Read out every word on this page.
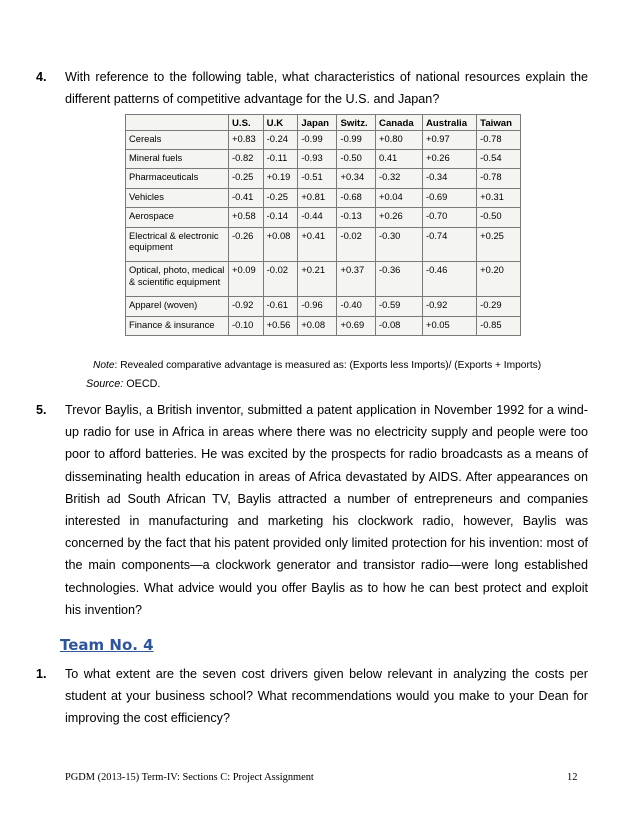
4. With reference to the following table, what characteristics of national resources explain the different patterns of competitive advantage for the U.S. and Japan?
	U.S.	U.K	Japan	Switz.	Canada	Australia	Taiwan
Cereals	+0.83	-0.24	-0.99	-0.99	+0.80	+0.97	-0.78
Mineral fuels	-0.82	-0.11	-0.93	-0.50	0.41	+0.26	-0.54
Pharmaceuticals	-0.25	+0.19	-0.51	+0.34	-0.32	-0.34	-0.78
Vehicles	-0.41	-0.25	+0.81	-0.68	+0.04	-0.69	+0.31
Aerospace	+0.58	-0.14	-0.44	-0.13	+0.26	-0.70	-0.50
Electrical & electronic equipment	-0.26	+0.08	+0.41	-0.02	-0.30	-0.74	+0.25
Optical, photo, medical & scientific equipment	+0.09	-0.02	+0.21	+0.37	-0.36	-0.46	+0.20
Apparel (woven)	-0.92	-0.61	-0.96	-0.40	-0.59	-0.92	-0.29
Finance & insurance	-0.10	+0.56	+0.08	+0.69	-0.08	+0.05	-0.85
Note: Revealed comparative advantage is measured as: (Exports less Imports)/ (Exports + Imports)
Source: OECD.
5. Trevor Baylis, a British inventor, submitted a patent application in November 1992 for a wind-up radio for use in Africa in areas where there was no electricity supply and people were too poor to afford batteries. He was excited by the prospects for radio broadcasts as a means of disseminating health education in areas of Africa devastated by AIDS. After appearances on British ad South African TV, Baylis attracted a number of entrepreneurs and companies interested in manufacturing and marketing his clockwork radio, however, Baylis was concerned by the fact that his patent provided only limited protection for his invention: most of the main components—a clockwork generator and transistor radio—were long established technologies. What advice would you offer Baylis as to how he can best protect and exploit his invention?
Team No. 4
1. To what extent are the seven cost drivers given below relevant in analyzing the costs per student at your business school? What recommendations would you make to your Dean for improving the cost efficiency?
PGDM (2013-15) Term-IV: Sections C: Project Assignment	12
